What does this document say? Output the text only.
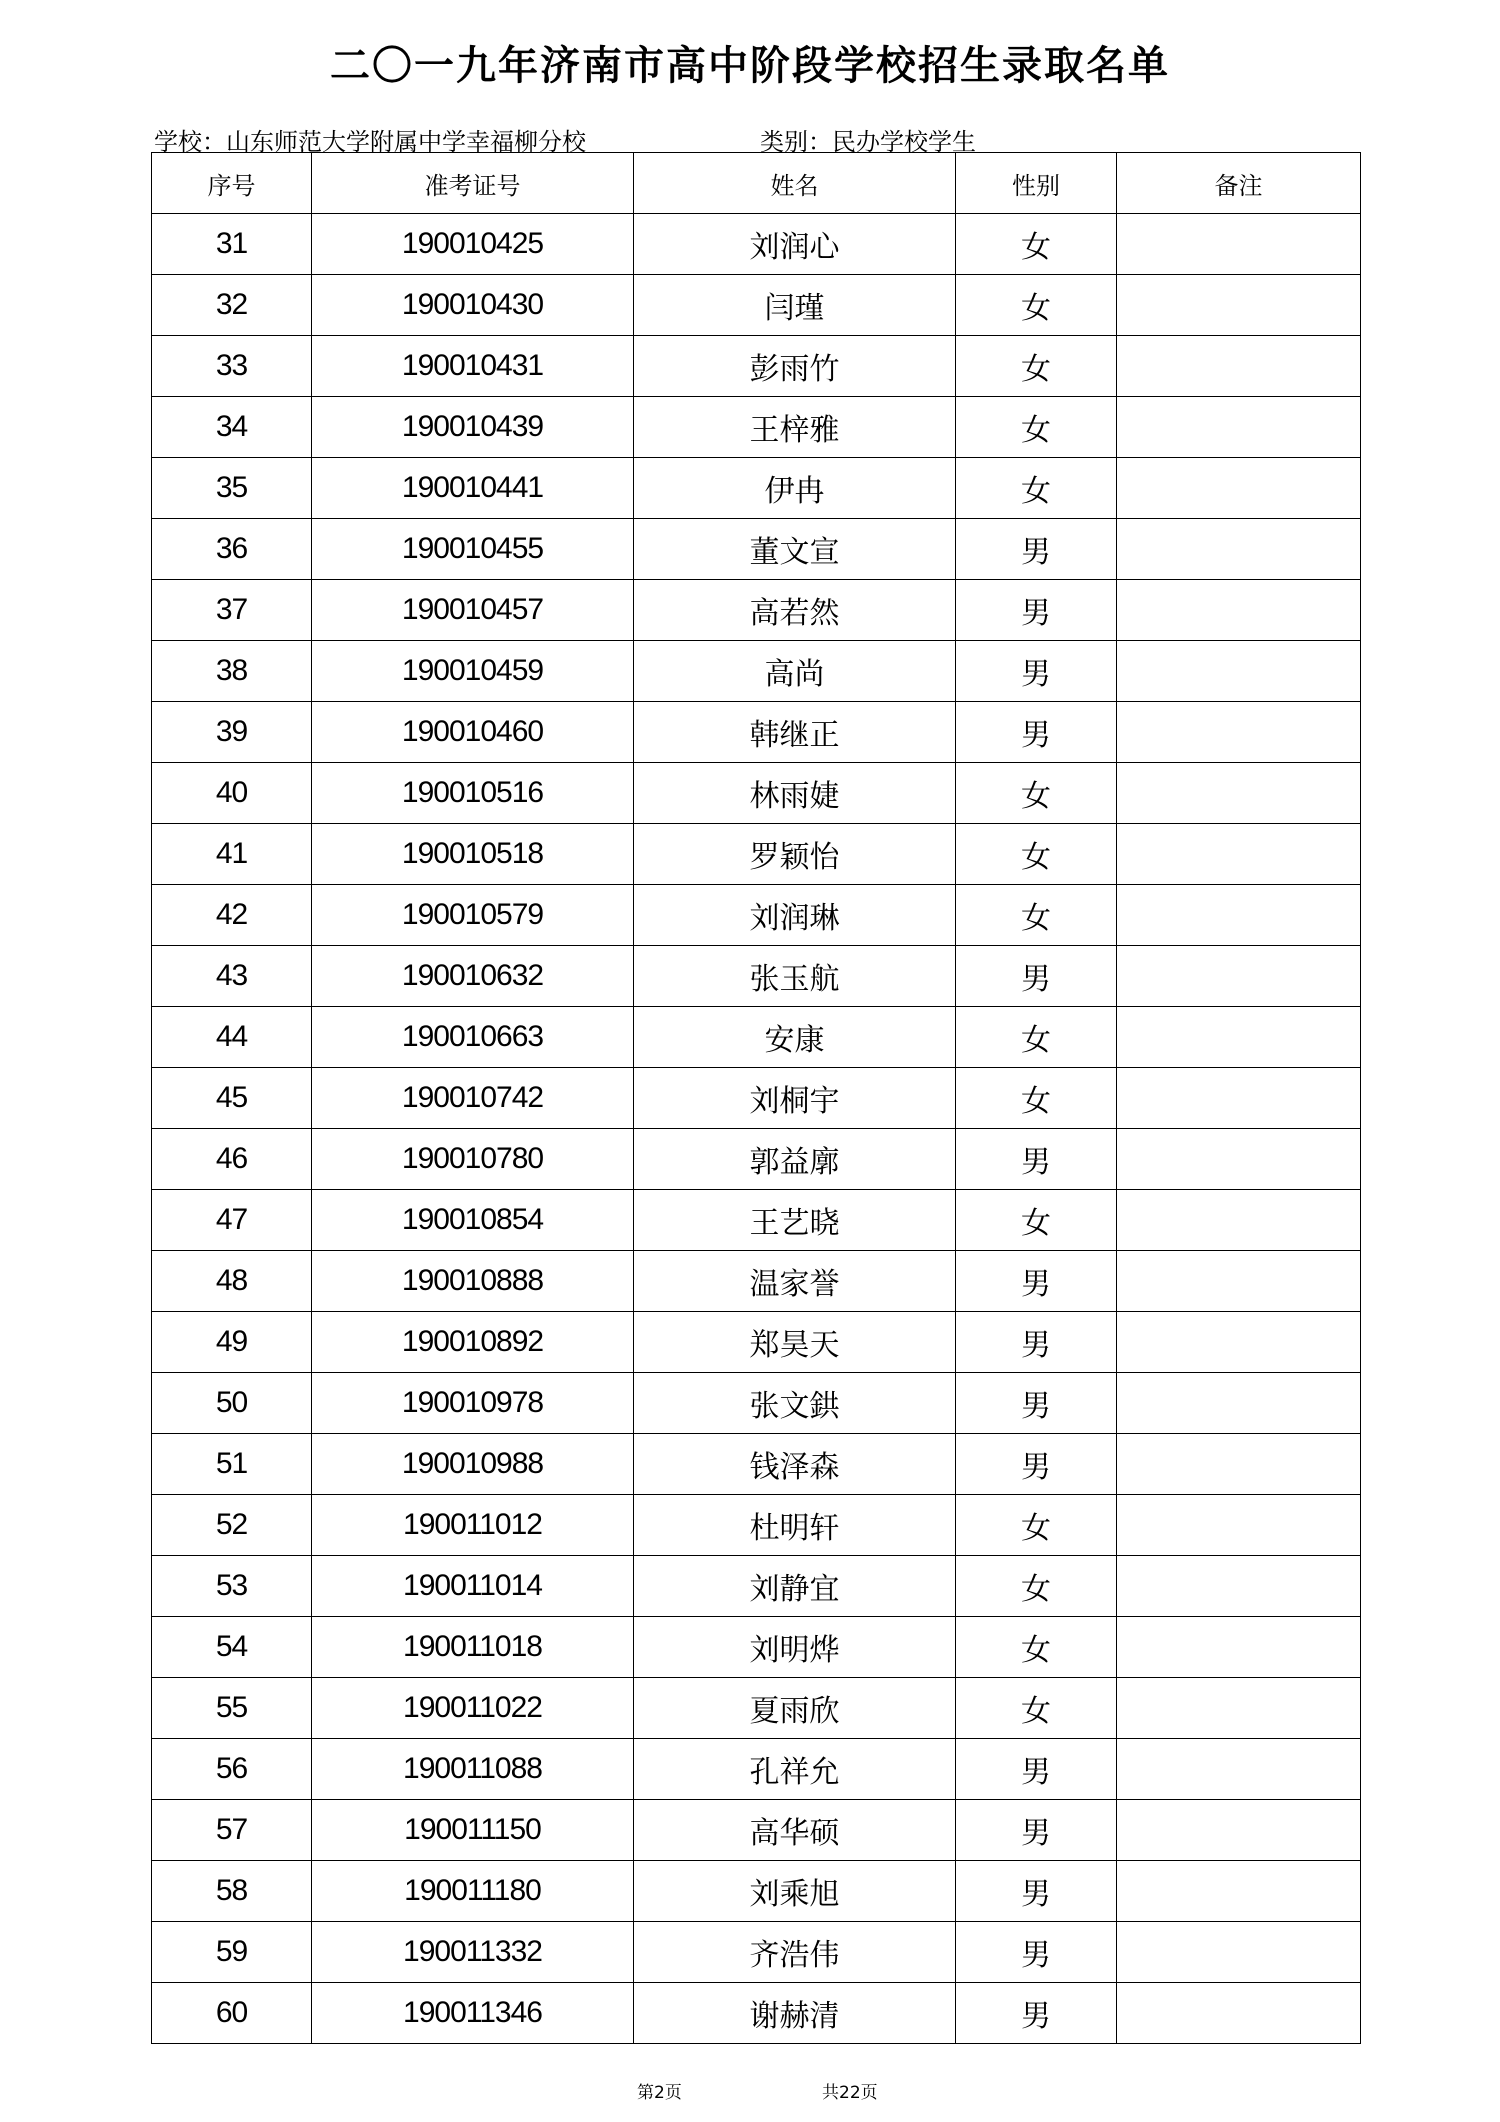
二〇一九年济南市高中阶段学校招生录取名单
学校：山东师范大学附属中学幸福柳分校	类别：民办学校学生
序号	准考证号	姓名	性别	备注
31	190010425	刘润心	女	
32	190010430	闫瑾	女	
33	190010431	彭雨竹	女	
34	190010439	王梓雅	女	
35	190010441	伊冉	女	
36	190010455	董文宣	男	
37	190010457	高若然	男	
38	190010459	高尚	男	
39	190010460	韩继正	男	
40	190010516	林雨婕	女	
41	190010518	罗颖怡	女	
42	190010579	刘润琳	女	
43	190010632	张玉航	男	
44	190010663	安康	女	
45	190010742	刘桐宇	女	
46	190010780	郭益廓	男	
47	190010854	王艺晓	女	
48	190010888	温家誉	男	
49	190010892	郑昊天	男	
50	190010978	张文鉷	男	
51	190010988	钱泽森	男	
52	190011012	杜明轩	女	
53	190011014	刘静宜	女	
54	190011018	刘明烨	女	
55	190011022	夏雨欣	女	
56	190011088	孔祥允	男	
57	190011150	高华硕	男	
58	190011180	刘乘旭	男	
59	190011332	齐浩伟	男	
60	190011346	谢赫清	男	
第2页	共22页
